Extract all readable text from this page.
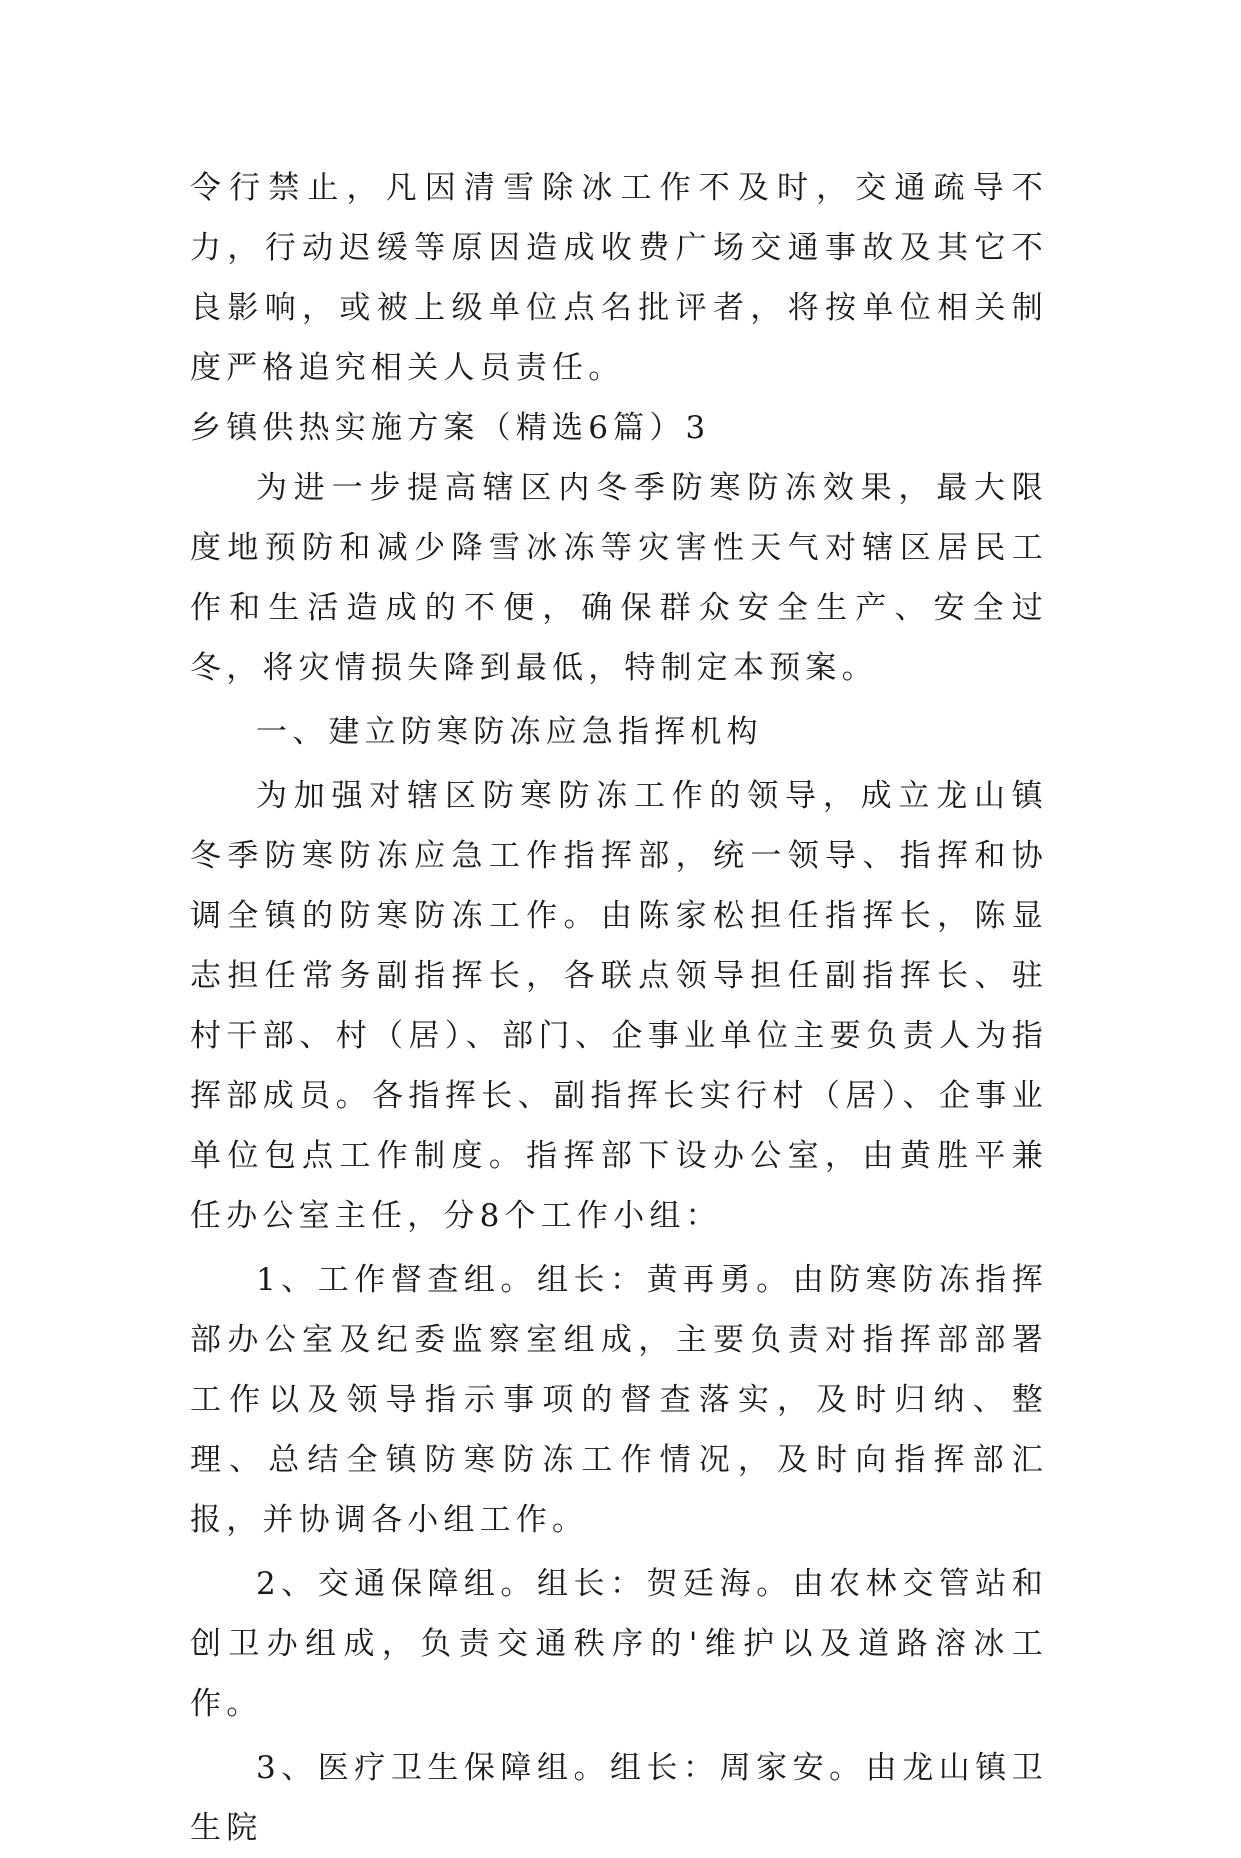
令行禁止，凡因清雪除冰工作不及时，交通疏导不力，行动迟缓等原因造成收费广场交通事故及其它不良影响，或被上级单位点名批评者，将按单位相关制度严格追究相关人员责任。

乡镇供热实施方案（精选6篇）3

为进一步提高辖区内冬季防寒防冻效果，最大限度地预防和减少降雪冰冻等灾害性天气对辖区居民工作和生活造成的不便，确保群众安全生产、安全过冬，将灾情损失降到最低，特制定本预案。

一、建立防寒防冻应急指挥机构

为加强对辖区防寒防冻工作的领导，成立龙山镇冬季防寒防冻应急工作指挥部，统一领导、指挥和协调全镇的防寒防冻工作。由陈家松担任指挥长，陈显志担任常务副指挥长，各联点领导担任副指挥长、驻村干部、村（居）、部门、企事业单位主要负责人为指挥部成员。各指挥长、副指挥长实行村（居）、企事业单位包点工作制度。指挥部下设办公室，由黄胜平兼任办公室主任，分8个工作小组：

1、工作督查组。组长：黄再勇。由防寒防冻指挥部办公室及纪委监察室组成，主要负责对指挥部部署工作以及领导指示事项的督查落实，及时归纳、整理、总结全镇防寒防冻工作情况，及时向指挥部汇报，并协调各小组工作。

2、交通保障组。组长：贺廷海。由农林交管站和创卫办组成，负责交通秩序的'维护以及道路溶冰工作。

3、医疗卫生保障组。组长：周家安。由龙山镇卫生院
